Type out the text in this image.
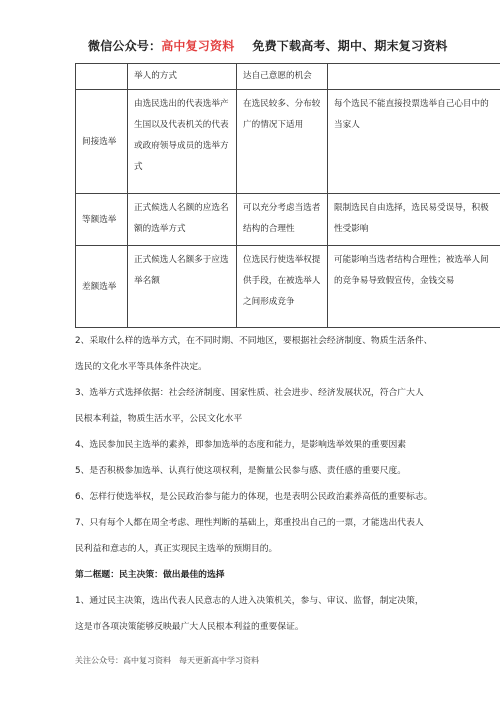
微信公众号：高中复习资料 免费下载高考、期中、期末复习资料
	举人的方式	达自己意愿的机会	
间接选举	由选民选出的代表选举产生国以及代表机关的代表或政府领导成员的选举方式	在选民较多、分布较广的情况下适用	每个选民不能直接投票选举自己心目中的当家人
等额选举	正式候选人名额的应选名额的选举方式	可以充分考虑当选者结构的合理性	限制选民自由选择，选民易受误导，积极性受影响
差额选举	正式候选人名额多于应选举名额	位选民行使选举权提供手段，在被选举人之间形成竞争	可能影响当选者结构合理性；被选举人间的竞争易导致假宣传，金钱交易

2、采取什么样的选举方式，在不同时期、不同地区，要根据社会经济制度、物质生活条件、

选民的文化水平等具体条件决定。

3、选举方式选择依据：社会经济制度、国家性质、社会进步、经济发展状况，符合广大人

民根本利益，物质生活水平，公民文化水平

4、选民参加民主选举的素养，即参加选举的态度和能力，是影响选举效果的重要因素

5、是否积极参加选举、认真行使这项权利，是衡量公民参与感、责任感的重要尺度。

6、怎样行使选举权，是公民政治参与能力的体现，也是表明公民政治素养高低的重要标志。

7、只有每个人都在周全考虑、理性判断的基础上，郑重投出自己的一票，才能选出代表人

民利益和意志的人，真正实现民主选举的预期目的。

第二框题：民主决策：做出最佳的选择

1、通过民主决策，选出代表人民意志的人进入决策机关，参与、审议、监督，制定决策，

这是市各项决策能够反映最广大人民根本利益的重要保证。

关注公众号：高中复习资料 每天更新高中学习资料
